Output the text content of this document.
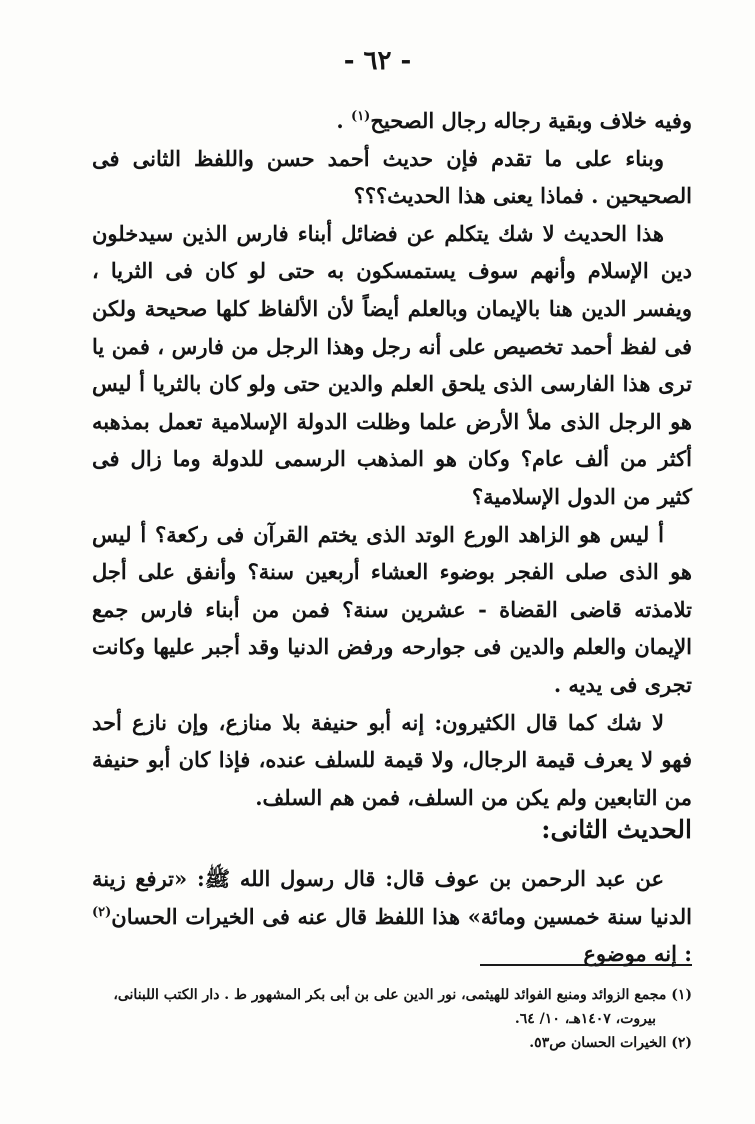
- ٦٢ -

وفيه خلاف وبقية رجاله رجال الصحيح$^{(١)}$ .

وبناء على ما تقدم فإن حديث أحمد حسن واللفظ الثانى فى الصحيحين . فماذا يعنى هذا الحديث؟؟؟

هذا الحديث لا شك يتكلم عن فضائل أبناء فارس الذين سيدخلون دين الإسلام وأنهم سوف يستمسكون به حتى لو كان فى الثريا ، ويفسر الدين هنا بالإيمان وبالعلم أيضاً لأن الألفاظ كلها صحيحة ولكن فى لفظ أحمد تخصيص على أنه رجل وهذا الرجل من فارس ، فمن يا ترى هذا الفارسى الذى يلحق العلم والدين حتى ولو كان بالثريا أ ليس هو الرجل الذى ملأ الأرض علما وظلت الدولة الإسلامية تعمل بمذهبه أكثر من ألف عام؟ وكان هو المذهب الرسمى للدولة وما زال فى كثير من الدول الإسلامية؟

أ ليس هو الزاهد الورع الوتد الذى يختم القرآن فى ركعة؟ أ ليس هو الذى صلى الفجر بوضوء العشاء أربعين سنة؟ وأنفق على أجل تلامذته قاضى القضاة - عشرين سنة؟ فمن من أبناء فارس جمع الإيمان والعلم والدين فى جوارحه ورفض الدنيا وقد أجبر عليها وكانت تجرى فى يديه .

لا شك كما قال الكثيرون: إنه أبو حنيفة بلا منازع، وإن نازع أحد فهو لا يعرف قيمة الرجال، ولا قيمة للسلف عنده، فإذا كان أبو حنيفة من التابعين ولم يكن من السلف، فمن هم السلف.

الحديث الثانى:

عن عبد الرحمن بن عوف قال: قال رسول الله ﷺ: «ترفع زينة الدنيا سنة خمسين ومائة» هذا اللفظ قال عنه فى الخيرات الحسان$^{(٢)}$ : إنه موضوع

(١) مجمع الزوائد ومنبع الفوائد للهيثمى، نور الدين على بن أبى بكر المشهور ط . دار الكتب اللبنانى،

بيروت، ١٤٠٧هـ، ١٠/ ٦٤.

(٢) الخيرات الحسان ص٥٣.
